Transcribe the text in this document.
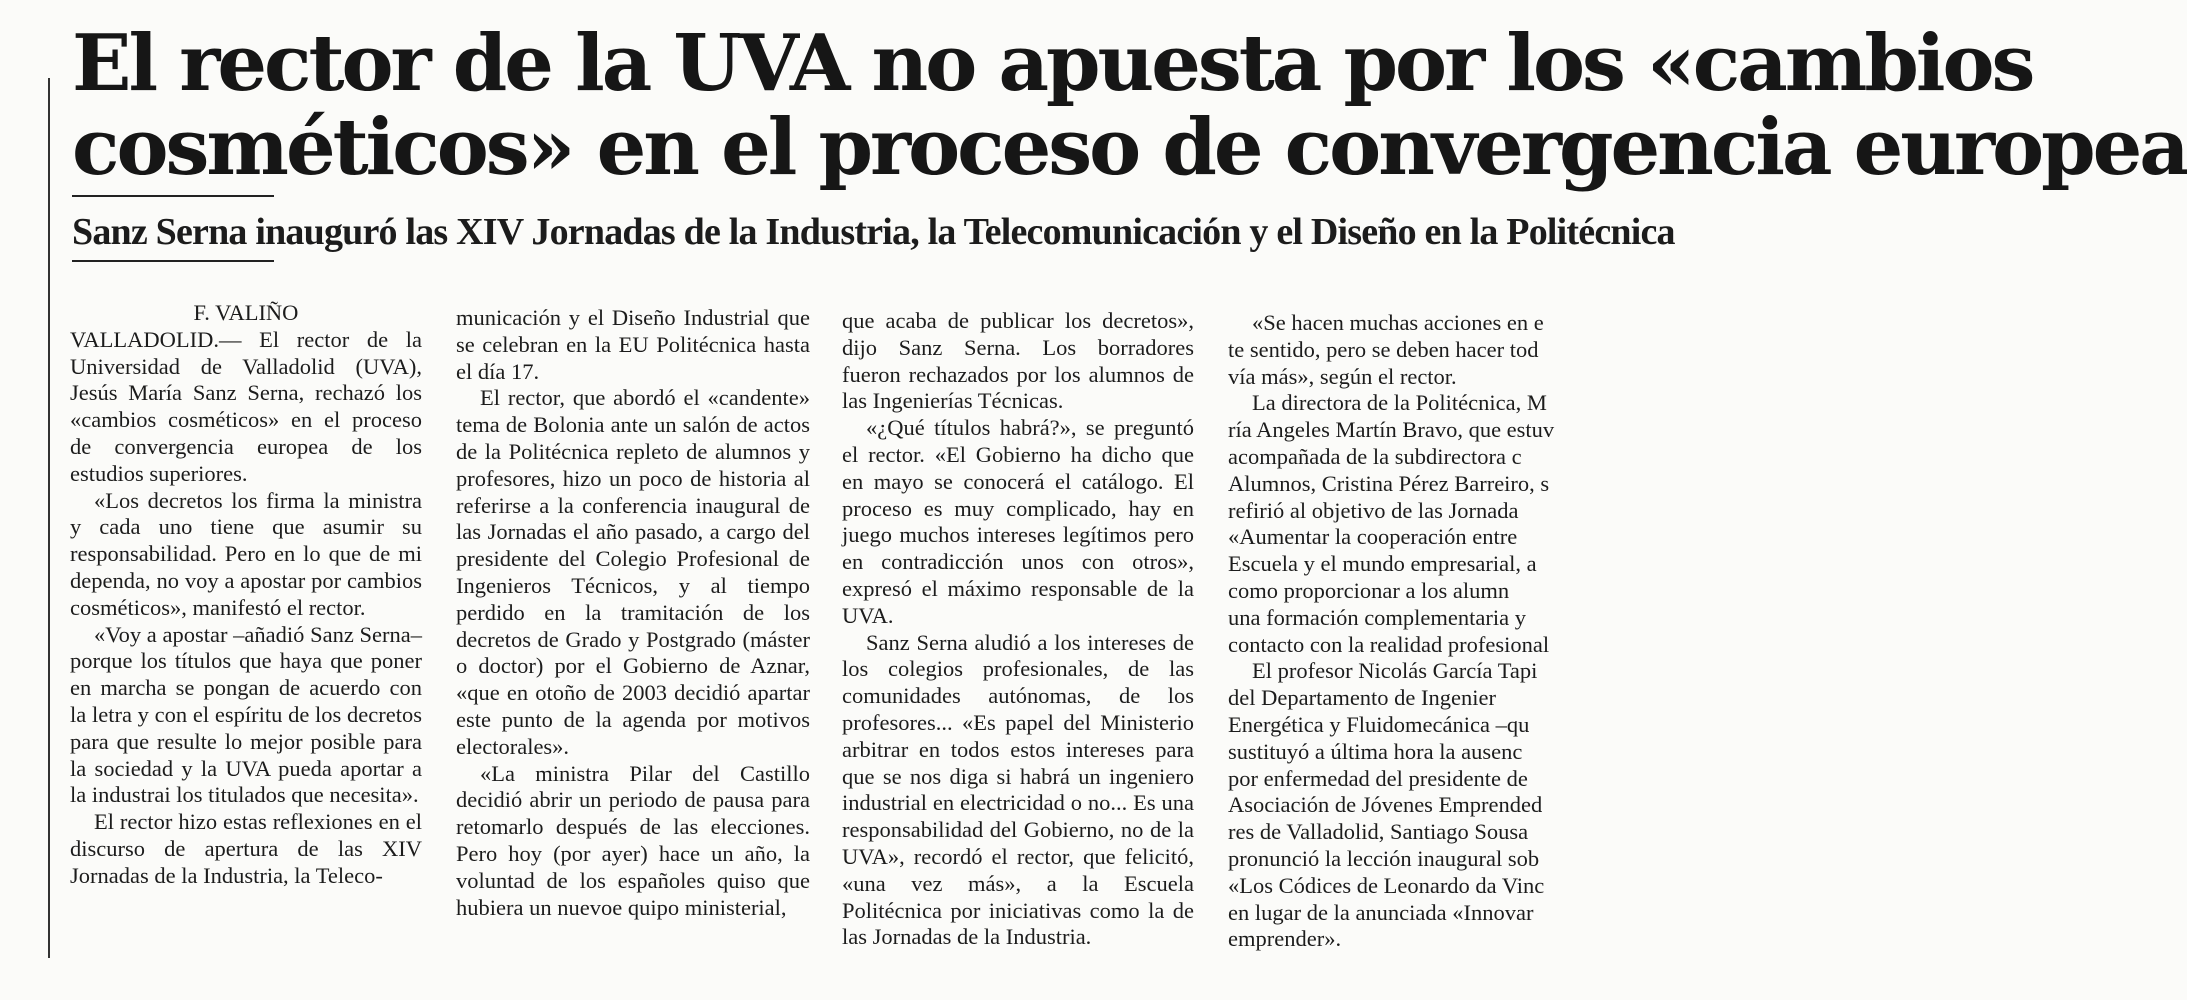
El rector de la UVA no apuesta por los «cambios
cosméticos» en el proceso de convergencia europea
Sanz Serna inauguró las XIV Jornadas de la Industria, la Telecomunicación y el Diseño en la Politécnica

F. VALIÑO

VALLADOLID.— El rector de la Universidad de Valladolid (UVA), Jesús María Sanz Serna, rechazó los «cambios cosméticos» en el proceso de convergencia europea de los estudios superiores.

«Los decretos los firma la ministra y cada uno tiene que asumir su responsabilidad. Pero en lo que de mi dependa, no voy a apostar por cambios cosméticos», manifestó el rector.

«Voy a apostar –añadió Sanz Serna– porque los títulos que haya que poner en marcha se pongan de acuerdo con la letra y con el espíritu de los decretos para que resulte lo mejor posible para la sociedad y la UVA pueda aportar a la industrai los titulados que necesita».

El rector hizo estas reflexiones en el discurso de apertura de las XIV Jornadas de la Industria, la Teleco-

municación y el Diseño Industrial que se celebran en la EU Politécnica hasta el día 17.

El rector, que abordó el «candente» tema de Bolonia ante un salón de actos de la Politécnica repleto de alumnos y profesores, hizo un poco de historia al referirse a la conferencia inaugural de las Jornadas el año pasado, a cargo del presidente del Colegio Profesional de Ingenieros Técnicos, y al tiempo perdido en la tramitación de los decretos de Grado y Postgrado (máster o doctor) por el Gobierno de Aznar, «que en otoño de 2003 decidió apartar este punto de la agenda por motivos electorales».

«La ministra Pilar del Castillo decidió abrir un periodo de pausa para retomarlo después de las elecciones. Pero hoy (por ayer) hace un año, la voluntad de los españoles quiso que hubiera un nuevoe quipo ministerial,

que acaba de publicar los decretos», dijo Sanz Serna. Los borradores fueron rechazados por los alumnos de las Ingenierías Técnicas.

«¿Qué títulos habrá?», se preguntó el rector. «El Gobierno ha dicho que en mayo se conocerá el catálogo. El proceso es muy complicado, hay en juego muchos intereses legítimos pero en contradicción unos con otros», expresó el máximo responsable de la UVA.

Sanz Serna aludió a los intereses de los colegios profesionales, de las comunidades autónomas, de los profesores... «Es papel del Ministerio arbitrar en todos estos intereses para que se nos diga si habrá un ingeniero industrial en electricidad o no... Es una responsabilidad del Gobierno, no de la UVA», recordó el rector, que felicitó, «una vez más», a la Escuela Politécnica por iniciativas como la de las Jornadas de la Industria.

«Se hacen muchas acciones en e

te sentido, pero se deben hacer tod

vía más», según el rector.

La directora de la Politécnica, M

ría Angeles Martín Bravo, que estuv

acompañada de la subdirectora c

Alumnos, Cristina Pérez Barreiro, s

refirió al objetivo de las Jornada

«Aumentar la cooperación entre

Escuela y el mundo empresarial, a

como proporcionar a los alumn

una formación complementaria y

contacto con la realidad profesional

El profesor Nicolás García Tapi

del Departamento de Ingenier

Energética y Fluidomecánica –qu

sustituyó a última hora la ausenc

por enfermedad del presidente de

Asociación de Jóvenes Emprended

res de Valladolid, Santiago Sousa

pronunció la lección inaugural sob

«Los Códices de Leonardo da Vinc

en lugar de la anunciada «Innovar

emprender».
